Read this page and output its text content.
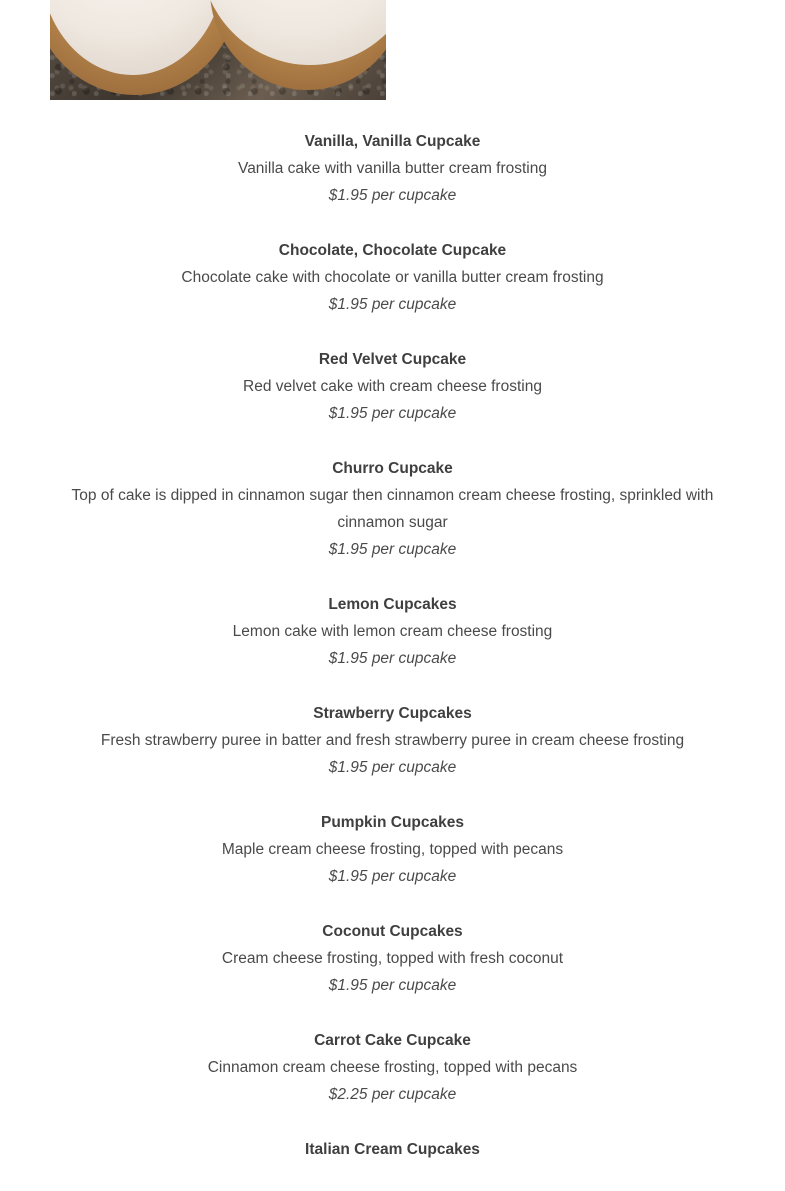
Vanilla, Vanilla Cupcake
Vanilla cake with vanilla butter cream frosting
$1.95 per cupcake
Chocolate, Chocolate Cupcake
Chocolate cake with chocolate or vanilla butter cream frosting
$1.95 per cupcake
Red Velvet Cupcake
Red velvet cake with cream cheese frosting
$1.95 per cupcake
Churro Cupcake
Top of cake is dipped in cinnamon sugar then cinnamon cream cheese frosting, sprinkled with cinnamon sugar
$1.95 per cupcake
Lemon Cupcakes
Lemon cake with lemon cream cheese frosting
$1.95 per cupcake
Strawberry Cupcakes
Fresh strawberry puree in batter and fresh strawberry puree in cream cheese frosting
$1.95 per cupcake
Pumpkin Cupcakes
Maple cream cheese frosting, topped with pecans
$1.95 per cupcake
Coconut Cupcakes
Cream cheese frosting, topped with fresh coconut
$1.95 per cupcake
Carrot Cake Cupcake
Cinnamon cream cheese frosting, topped with pecans
$2.25 per cupcake
Italian Cream Cupcakes
